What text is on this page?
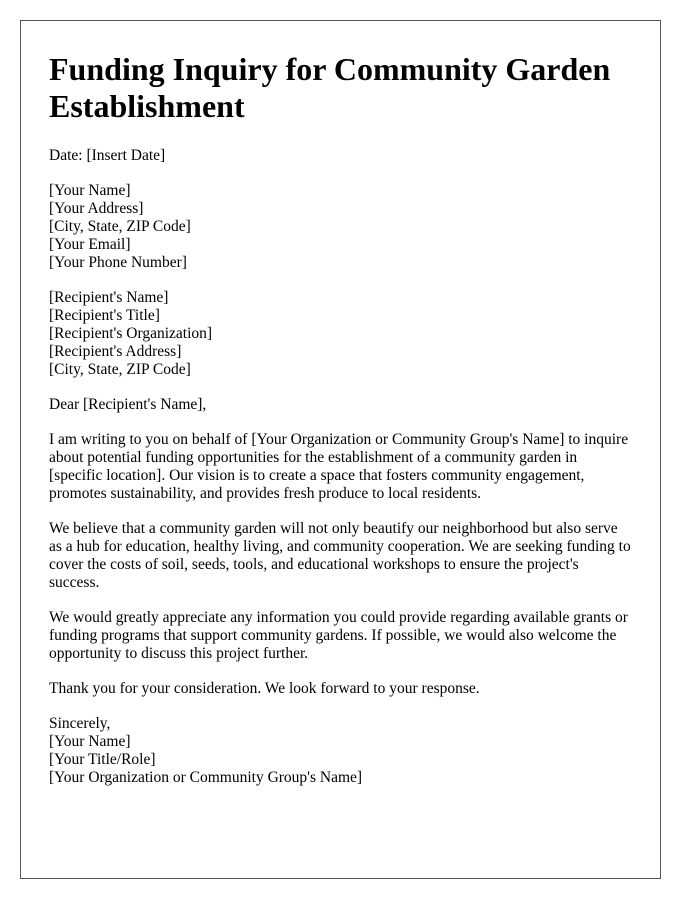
Funding Inquiry for Community Garden Establishment
Date: [Insert Date]
[Your Name]
[Your Address]
[City, State, ZIP Code]
[Your Email]
[Your Phone Number]
[Recipient's Name]
[Recipient's Title]
[Recipient's Organization]
[Recipient's Address]
[City, State, ZIP Code]

Dear [Recipient's Name],

I am writing to you on behalf of [Your Organization or Community Group's Name] to inquire about potential funding opportunities for the establishment of a community garden in [specific location]. Our vision is to create a space that fosters community engagement, promotes sustainability, and provides fresh produce to local residents.

We believe that a community garden will not only beautify our neighborhood but also serve as a hub for education, healthy living, and community cooperation. We are seeking funding to cover the costs of soil, seeds, tools, and educational workshops to ensure the project's success.

We would greatly appreciate any information you could provide regarding available grants or funding programs that support community gardens. If possible, we would also welcome the opportunity to discuss this project further.

Thank you for your consideration. We look forward to your response.

Sincerely,
[Your Name]
[Your Title/Role]
[Your Organization or Community Group's Name]
